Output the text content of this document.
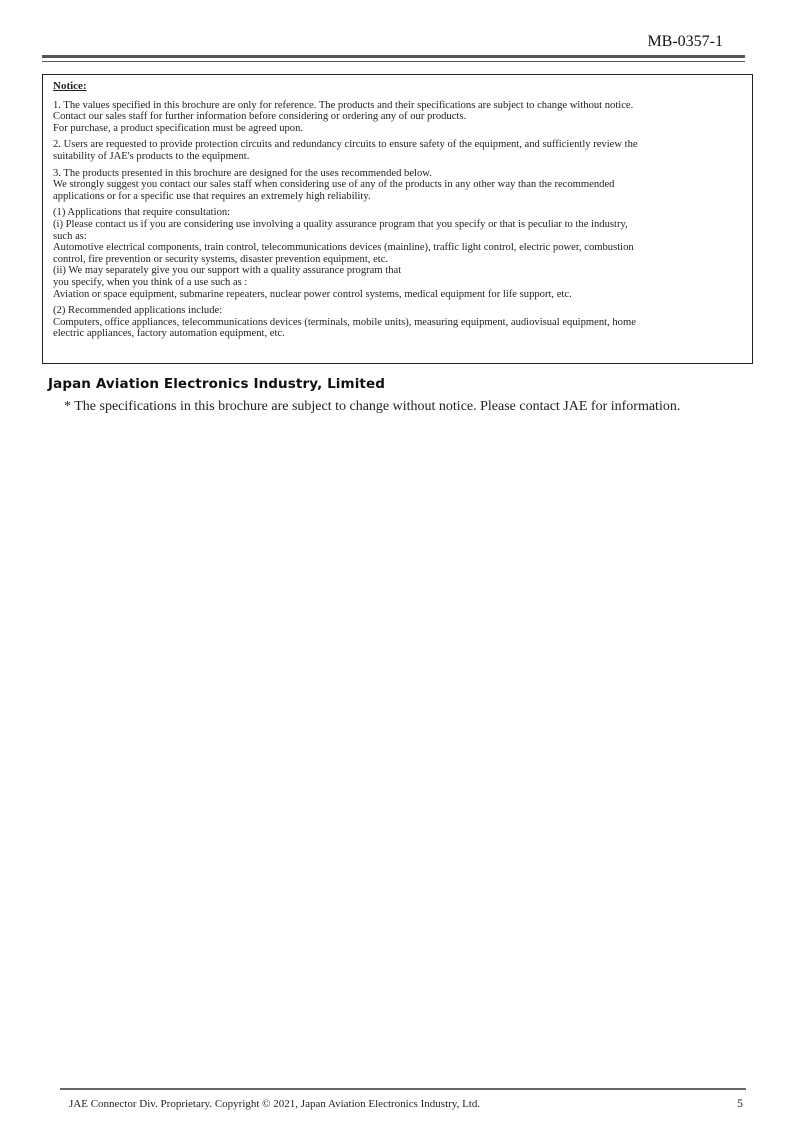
MB-0357-1
Notice:
1. The values specified in this brochure are only for reference. The products and their specifications are subject to change without notice.
Contact our sales staff for further information before considering or ordering any of our products.
For purchase, a product specification must be agreed upon.
2. Users are requested to provide protection circuits and redundancy circuits to ensure safety of the equipment, and sufficiently review the
suitability of JAE's products to the equipment.
3. The products presented in this brochure are designed for the uses recommended below.
We strongly suggest you contact our sales staff when considering use of any of the products in any other way than the recommended
applications or for a specific use that requires an extremely high reliability.
(1) Applications that require consultation:
(i) Please contact us if you are considering use involving a quality assurance program that you specify or that is peculiar to the industry,
such as:
Automotive electrical components, train control, telecommunications devices (mainline), traffic light control, electric power, combustion
control, fire prevention or security systems, disaster prevention equipment, etc.
(ii) We may separately give you our support with a quality assurance program that
you specify, when you think of a use such as :
Aviation or space equipment, submarine repeaters, nuclear power control systems, medical equipment for life support, etc.
(2) Recommended applications include:
Computers, office appliances, telecommunications devices (terminals, mobile units), measuring equipment, audiovisual equipment, home
electric appliances, factory automation equipment, etc.
Japan Aviation Electronics Industry, Limited
* The specifications in this brochure are subject to change without notice. Please contact JAE for information.
JAE Connector Div. Proprietary. Copyright © 2021, Japan Aviation Electronics Industry, Ltd.	5
